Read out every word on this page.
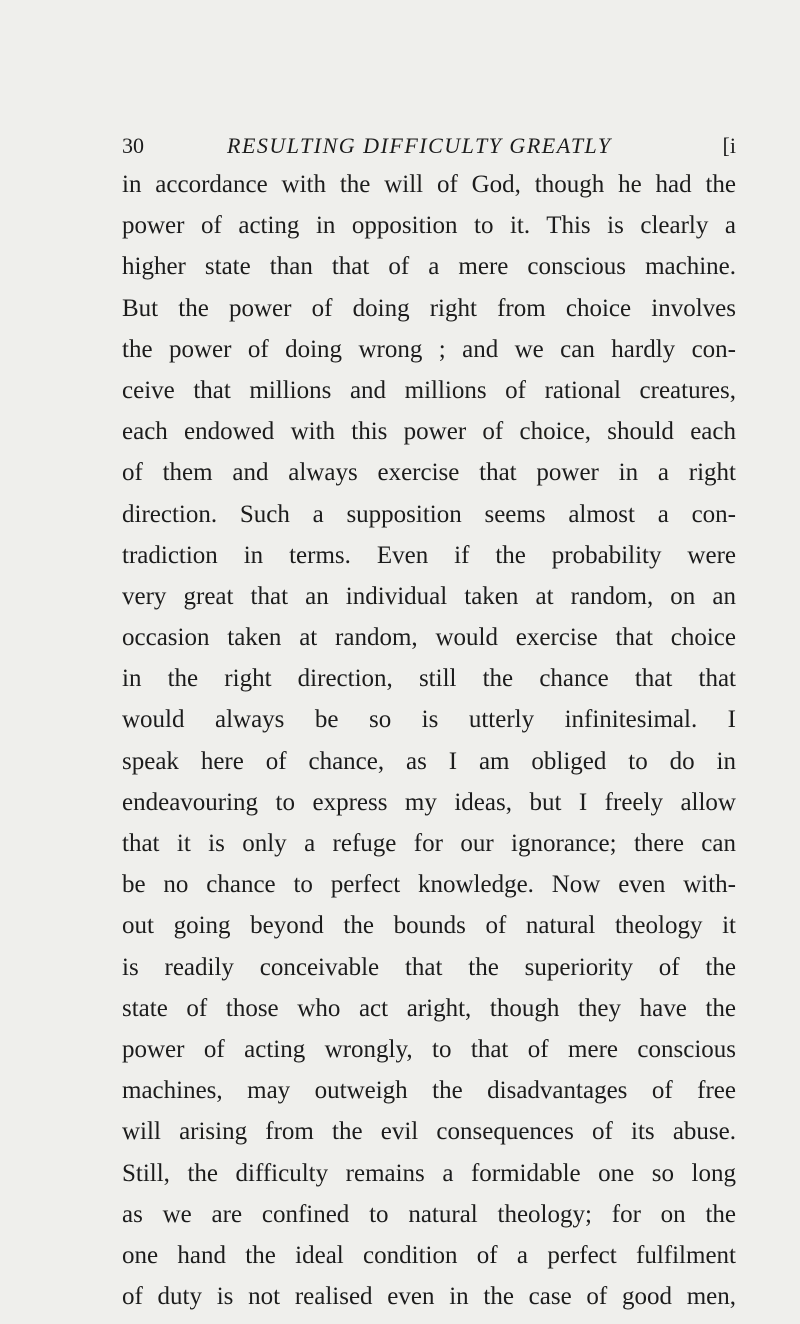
30	RESULTING DIFFICULTY GREATLY	[i
in accordance with the will of God, though he had the
power of acting in opposition to it. This is clearly a
higher state than that of a mere conscious machine.
But the power of doing right from choice involves
the power of doing wrong ; and we can hardly con-
ceive that millions and millions of rational creatures,
each endowed with this power of choice, should each
of them and always exercise that power in a right
direction. Such a supposition seems almost a con-
tradiction in terms. Even if the probability were
very great that an individual taken at random, on an
occasion taken at random, would exercise that choice
in the right direction, still the chance that that
would always be so is utterly infinitesimal. I
speak here of chance, as I am obliged to do in
endeavouring to express my ideas, but I freely allow
that it is only a refuge for our ignorance; there can
be no chance to perfect knowledge. Now even with-
out going beyond the bounds of natural theology it
is readily conceivable that the superiority of the
state of those who act aright, though they have the
power of acting wrongly, to that of mere conscious
machines, may outweigh the disadvantages of free
will arising from the evil consequences of its abuse.
Still, the difficulty remains a formidable one so long
as we are confined to natural theology; for on the
one hand the ideal condition of a perfect fulfilment
of duty is not realised even in the case of good men,
